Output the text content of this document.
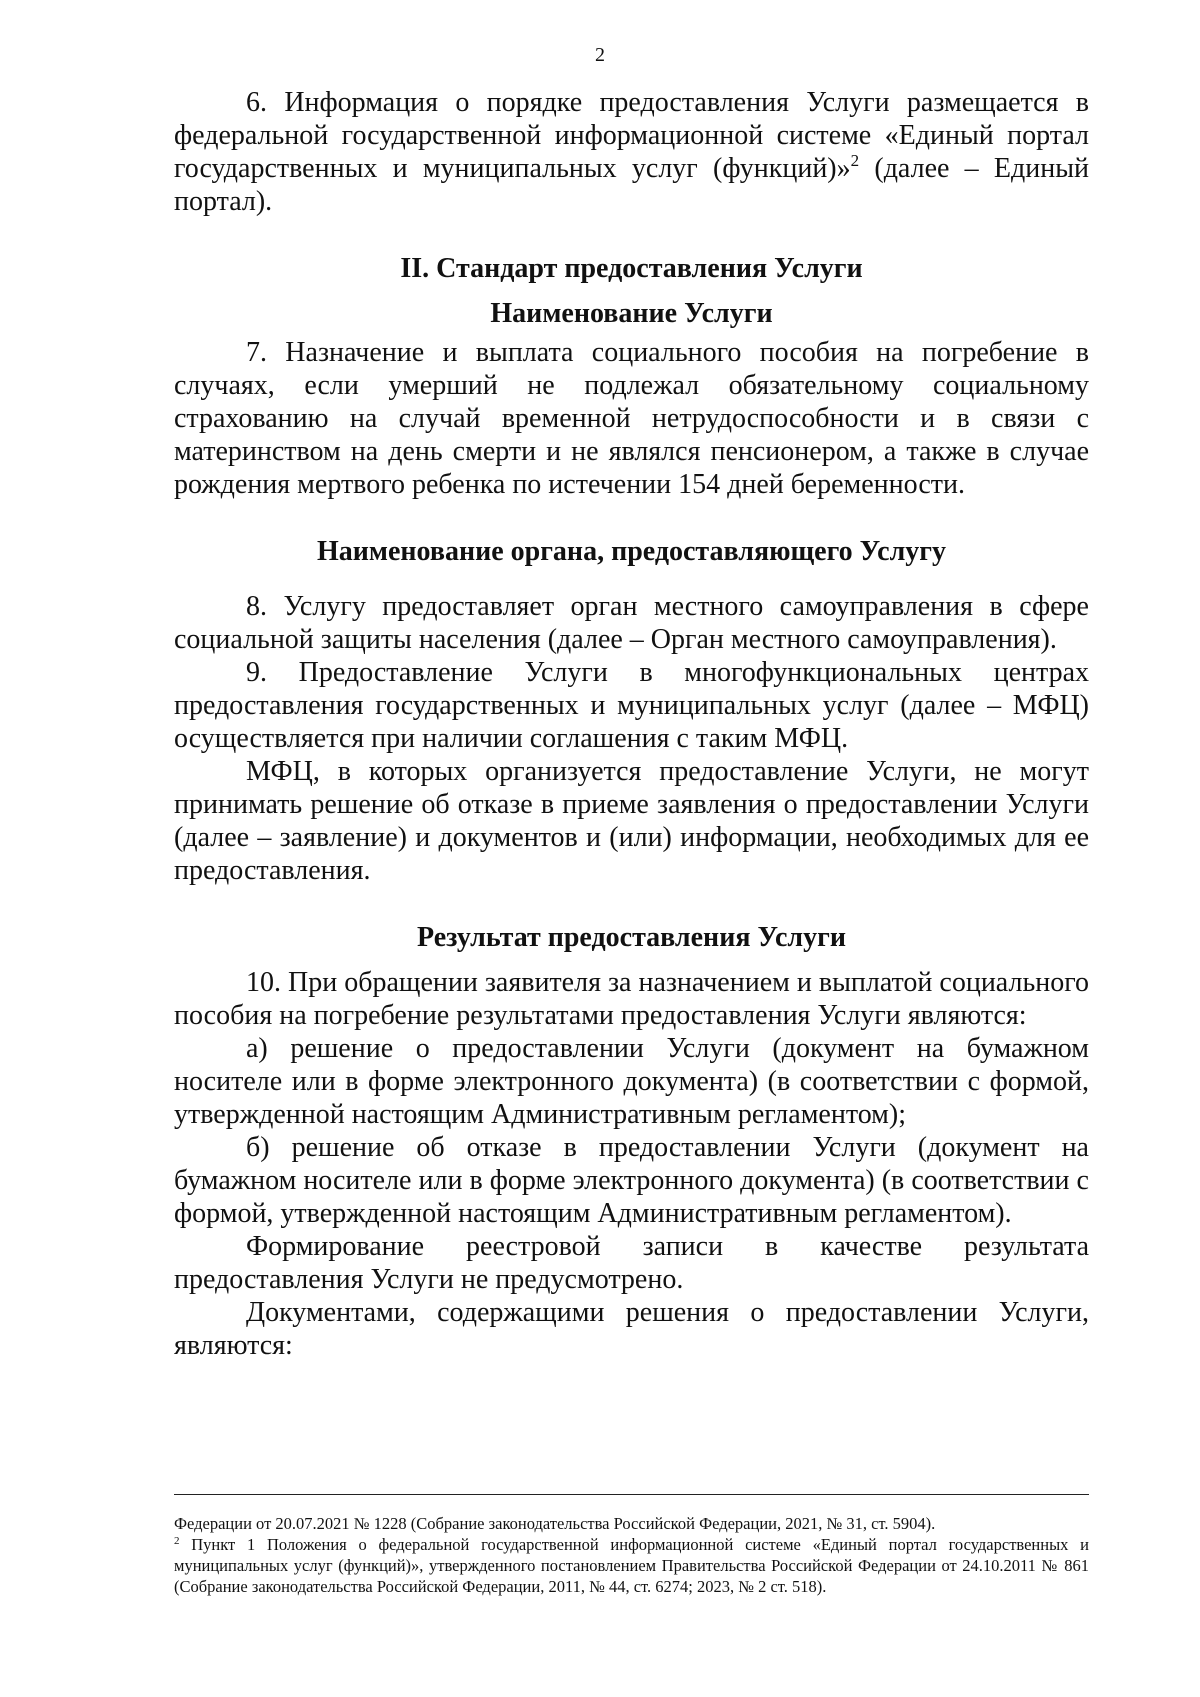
2

6. Информация о порядке предоставления Услуги размещается в федеральной государственной информационной системе «Единый портал государственных и муниципальных услуг (функций)»$^2$ (далее – Единый портал).

II. Стандарт предоставления Услуги
Наименование Услуги

7. Назначение и выплата социального пособия на погребение в случаях, если умерший не подлежал обязательному социальному страхованию на случай временной нетрудоспособности и в связи с материнством на день смерти и не являлся пенсионером, а также в случае рождения мертвого ребенка по истечении 154 дней беременности.

Наименование органа, предоставляющего Услугу

8. Услугу предоставляет орган местного самоуправления в сфере социальной защиты населения (далее – Орган местного самоуправления).

9. Предоставление Услуги в многофункциональных центрах предоставления государственных и муниципальных услуг (далее – МФЦ) осуществляется при наличии соглашения с таким МФЦ.

МФЦ, в которых организуется предоставление Услуги, не могут принимать решение об отказе в приеме заявления о предоставлении Услуги (далее – заявление) и документов и (или) информации, необходимых для ее предоставления.

Результат предоставления Услуги

10. При обращении заявителя за назначением и выплатой социального пособия на погребение результатами предоставления Услуги являются:

а) решение о предоставлении Услуги (документ на бумажном носителе или в форме электронного документа) (в соответствии с формой, утвержденной настоящим Административным регламентом);

б) решение об отказе в предоставлении Услуги (документ на бумажном носителе или в форме электронного документа) (в соответствии с формой, утвержденной настоящим Административным регламентом).

Формирование реестровой записи в качестве результата предоставления Услуги не предусмотрено.

Документами, содержащими решения о предоставлении Услуги, являются:

Федерации от 20.07.2021 № 1228 (Собрание законодательства Российской Федерации, 2021, № 31, ст. 5904).

$^2$ Пункт 1 Положения о федеральной государственной информационной системе «Единый портал государственных и муниципальных услуг (функций)», утвержденного постановлением Правительства Российской Федерации от 24.10.2011 № 861 (Собрание законодательства Российской Федерации, 2011, № 44, ст. 6274; 2023, № 2 ст. 518).
